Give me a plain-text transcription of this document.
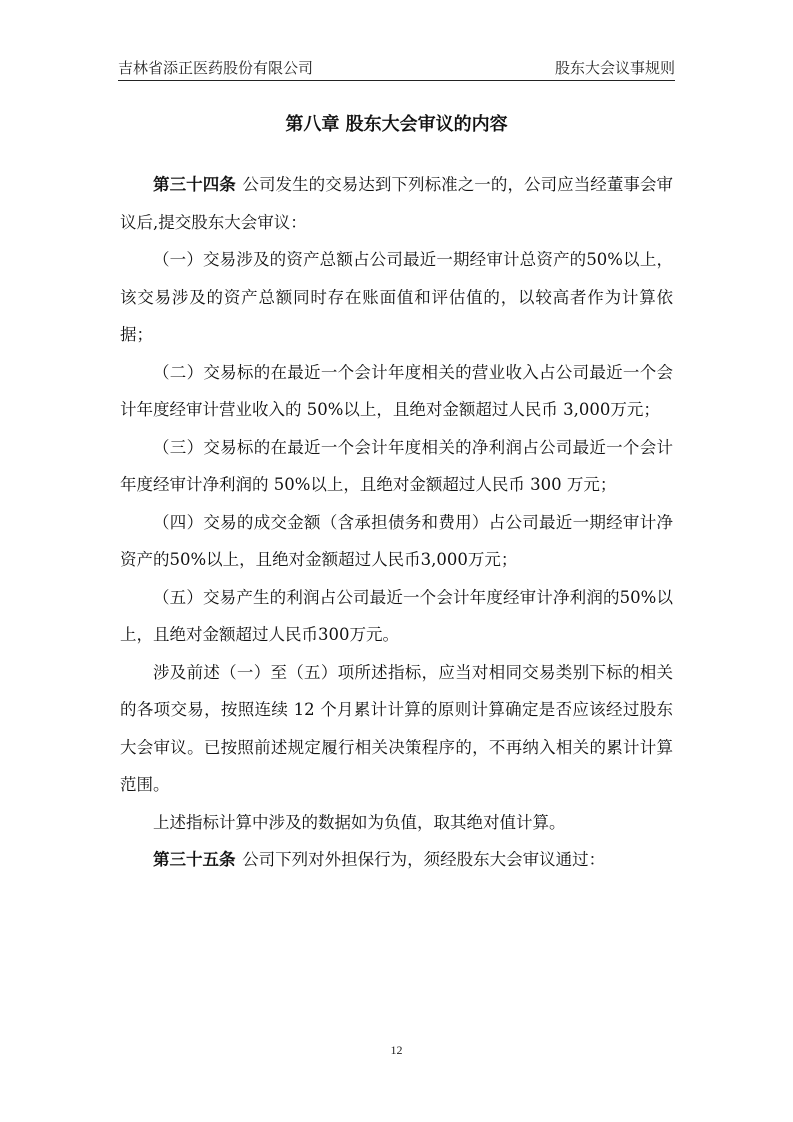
吉林省添正医药股份有限公司	股东大会议事规则
第八章 股东大会审议的内容

第三十四条 公司发生的交易达到下列标准之一的，公司应当经董事会审议后,提交股东大会审议：

（一）交易涉及的资产总额占公司最近一期经审计总资产的50%以上，该交易涉及的资产总额同时存在账面值和评估值的，以较高者作为计算依据；

（二）交易标的在最近一个会计年度相关的营业收入占公司最近一个会计年度经审计营业收入的 50%以上，且绝对金额超过人民币 3,000万元；

（三）交易标的在最近一个会计年度相关的净利润占公司最近一个会计年度经审计净利润的 50%以上，且绝对金额超过人民币 300 万元；

（四）交易的成交金额（含承担债务和费用）占公司最近一期经审计净资产的50%以上，且绝对金额超过人民币3,000万元；

（五）交易产生的利润占公司最近一个会计年度经审计净利润的50%以上，且绝对金额超过人民币300万元。

涉及前述（一）至（五）项所述指标，应当对相同交易类别下标的相关的各项交易，按照连续 12 个月累计计算的原则计算确定是否应该经过股东大会审议。已按照前述规定履行相关决策程序的，不再纳入相关的累计计算范围。

上述指标计算中涉及的数据如为负值，取其绝对值计算。

第三十五条 公司下列对外担保行为，须经股东大会审议通过：

12
